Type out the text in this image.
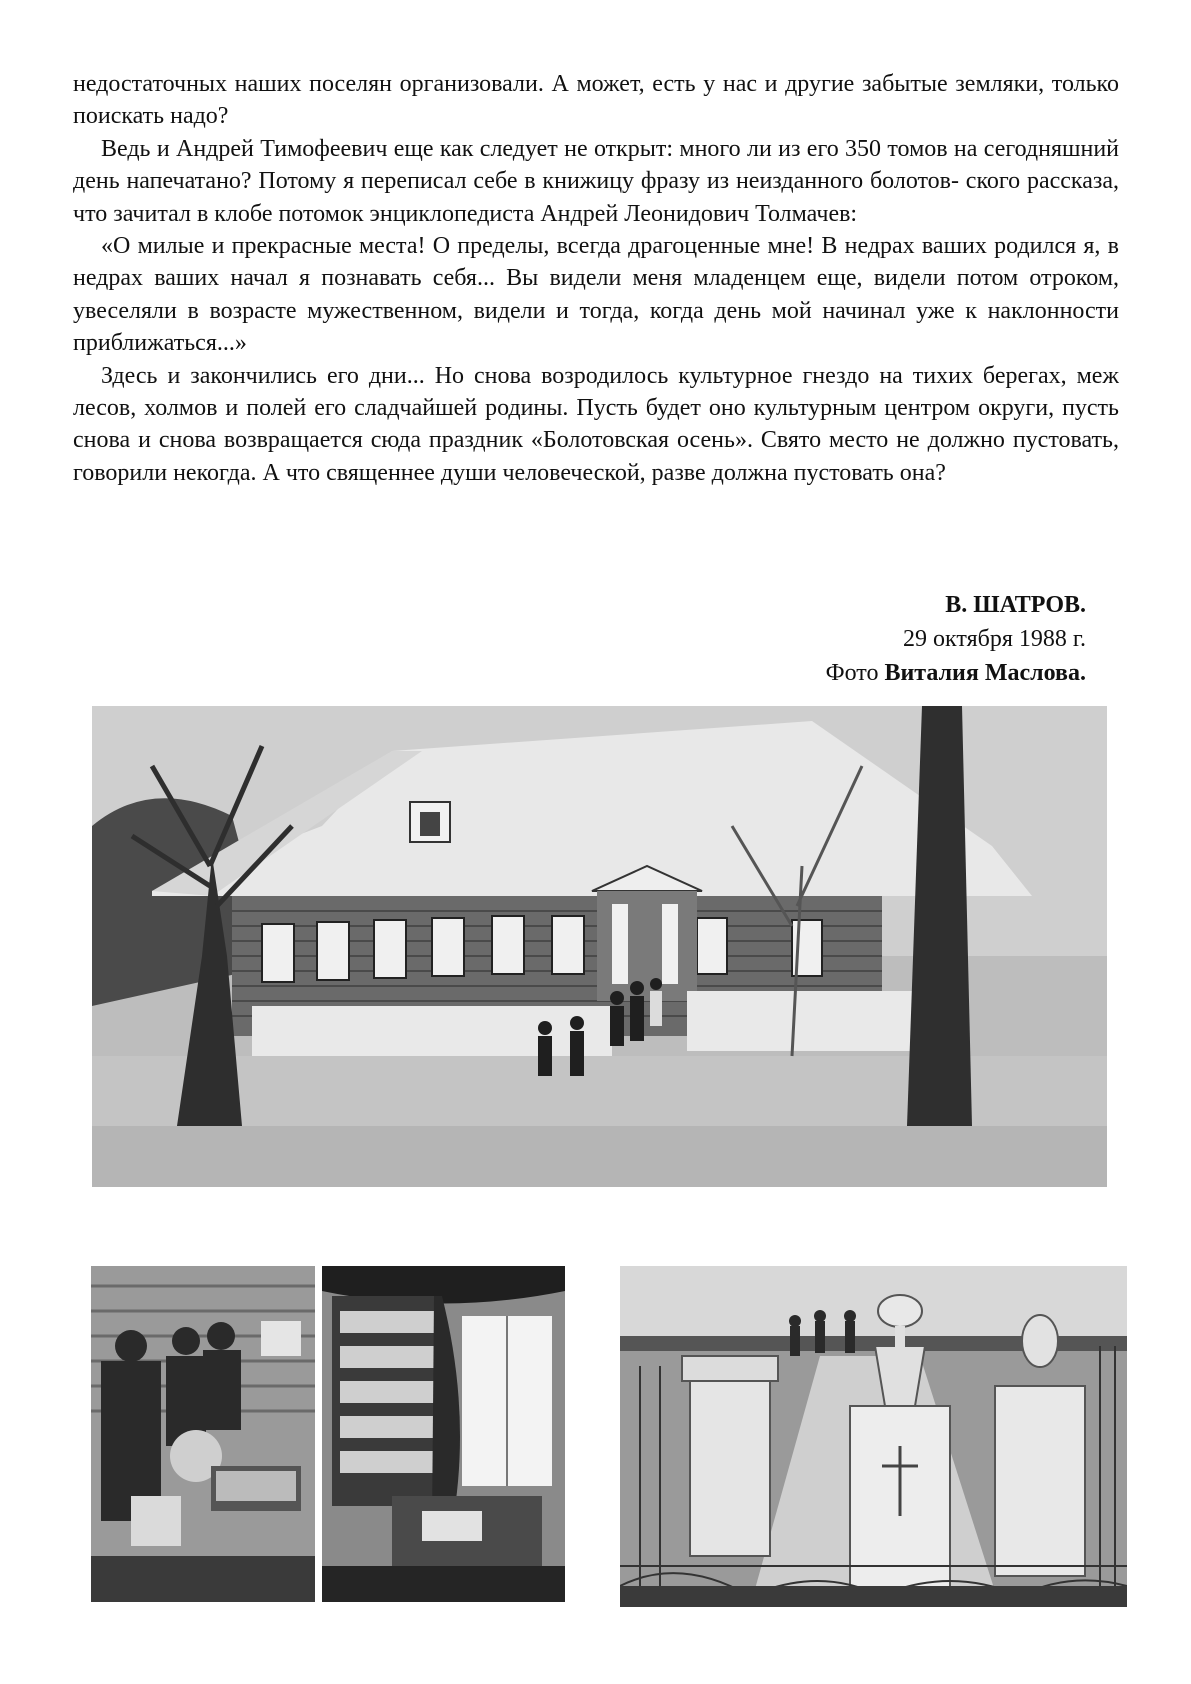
недостаточных наших поселян организовали. А может, есть у нас и другие забытые земляки, только поискать надо?

Ведь и Андрей Тимофеевич еще как следует не открыт: много ли из его 350 томов на сегодняшний день напечатано? Потому я переписал себе в книжицу фразу из неизданного болотов- ского рассказа, что зачитал в клобе потомок энциклопедиста Андрей Леонидович Толмачев:

«О милые и прекрасные места! О пределы, всегда драгоценные мне! В недрах ваших родился я, в недрах ваших начал я познавать себя... Вы видели меня младенцем еще, видели потом отроком, увеселяли в возрасте мужественном, видели и тогда, когда день мой начинал уже к наклонности приближаться...»

Здесь и закончились его дни... Но снова возродилось культурное гнездо на тихих берегах, меж лесов, холмов и полей его сладчайшей родины. Пусть будет оно культурным центром округи, пусть снова и снова возвращается сюда праздник «Болотовская осень». Свято место не должно пустовать, говорили некогда. А что священнее души человеческой, разве должна пустовать она?

В. ШАТРОВ.
29 октября 1988 г.
Фото Виталия Маслова.
